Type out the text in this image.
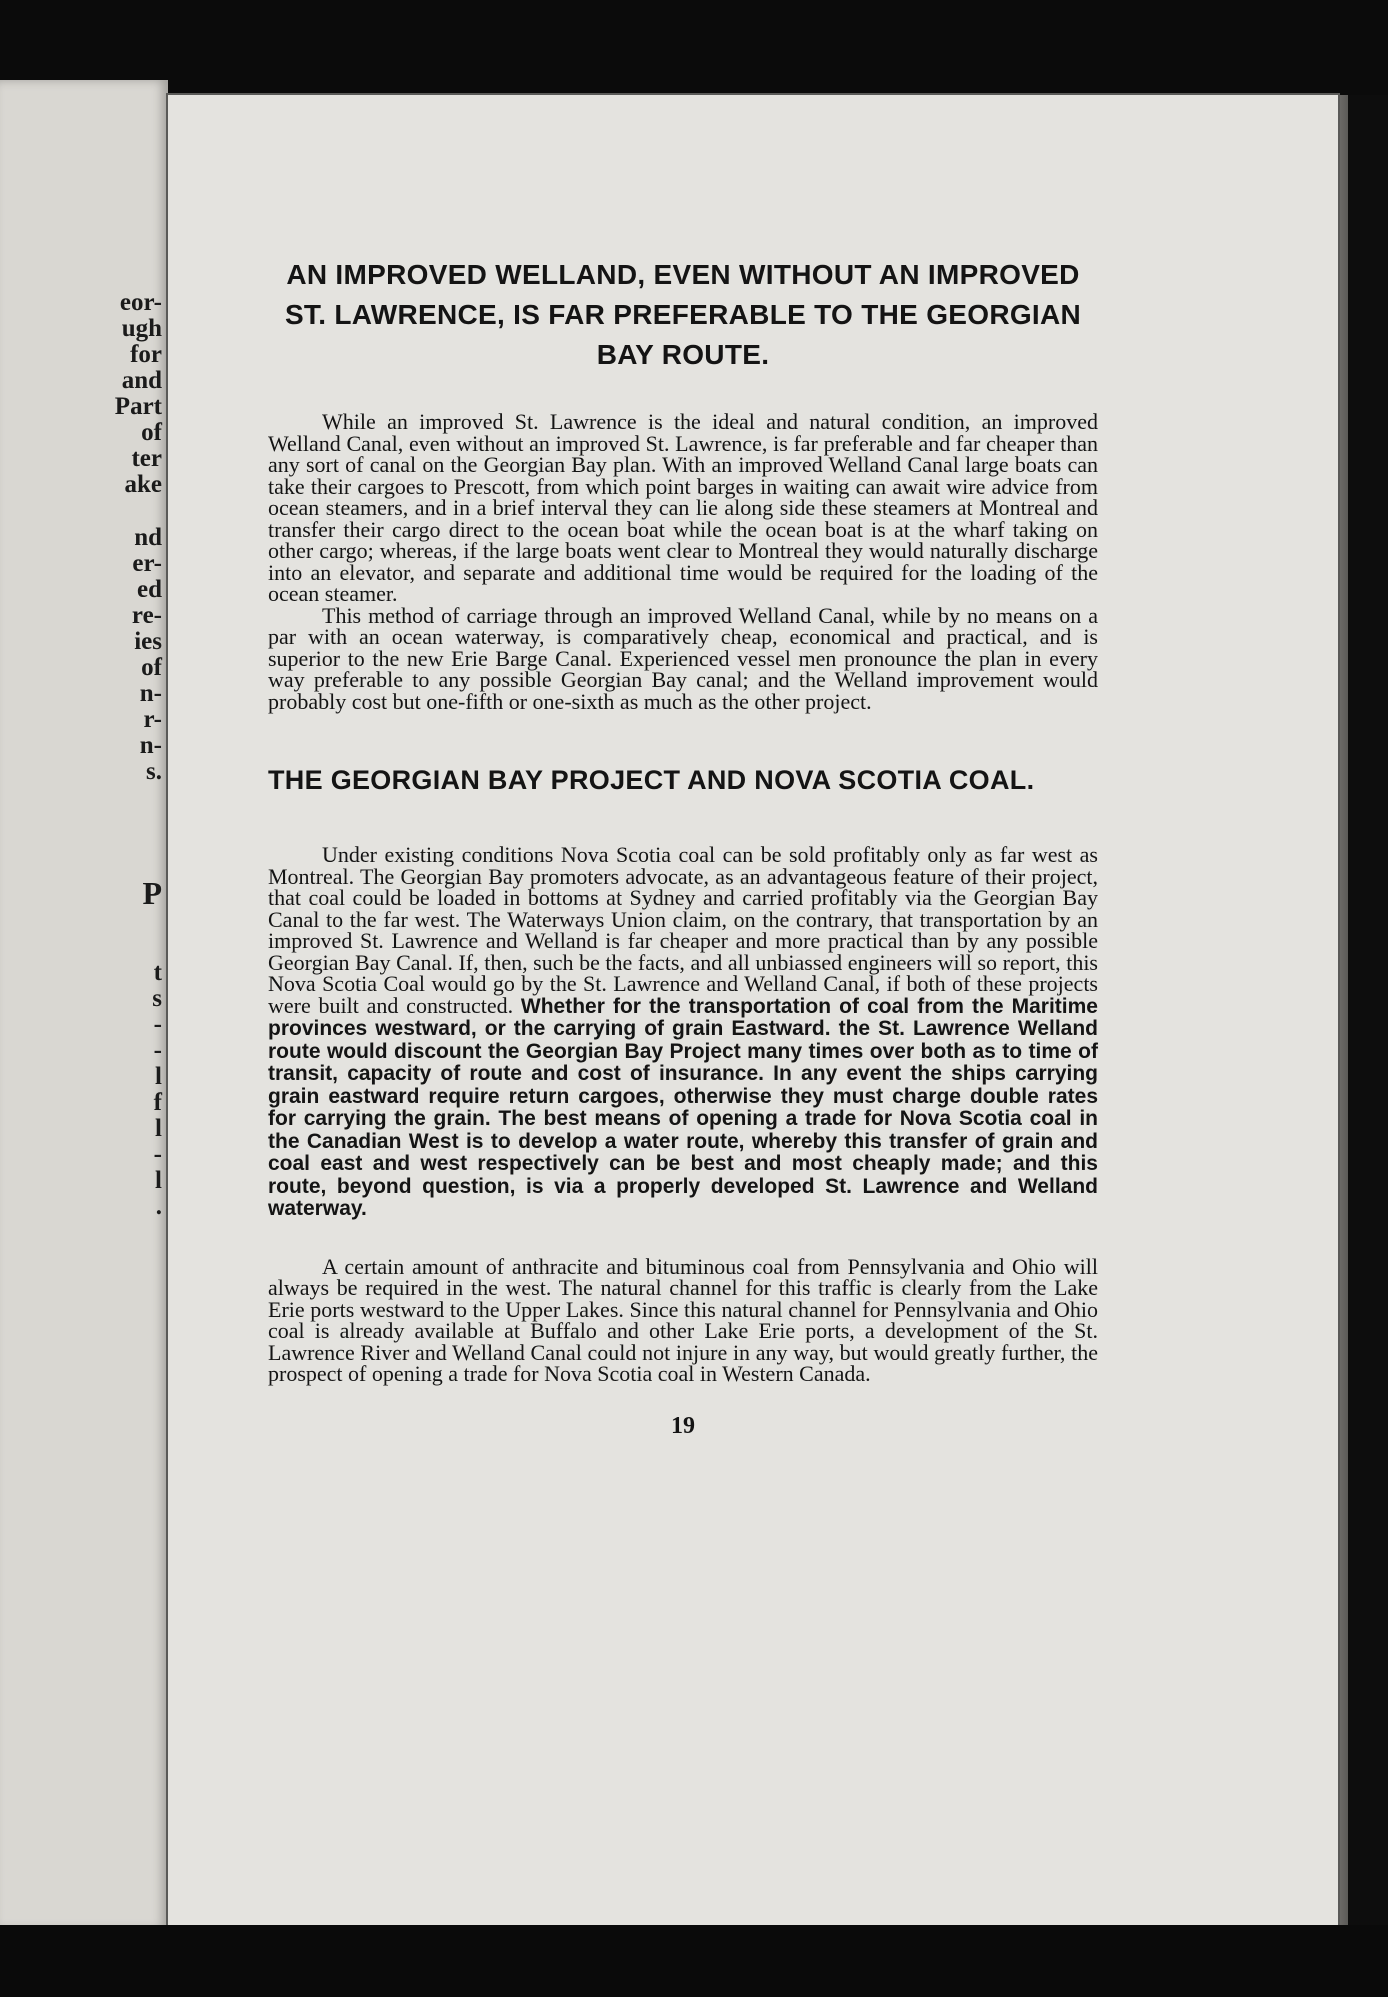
eor-
ugh
for
and
Part
of
ter
ake
nd
er-
ed
re-
ies
of
n-
r-
n-
s.
P
t
s
-
-
l
f
l
-
l
.
AN IMPROVED WELLAND, EVEN WITHOUT AN IMPROVED ST. LAWRENCE, IS FAR PREFERABLE TO THE GEORGIAN BAY ROUTE.

While an improved St. Lawrence is the ideal and natural condition, an improved Welland Canal, even without an improved St. Lawrence, is far preferable and far cheaper than any sort of canal on the Georgian Bay plan. With an improved Welland Canal large boats can take their cargoes to Prescott, from which point barges in waiting can await wire advice from ocean steamers, and in a brief interval they can lie along side these steamers at Montreal and transfer their cargo direct to the ocean boat while the ocean boat is at the wharf taking on other cargo; whereas, if the large boats went clear to Montreal they would naturally discharge into an elevator, and separate and additional time would be required for the loading of the ocean steamer.

This method of carriage through an improved Welland Canal, while by no means on a par with an ocean waterway, is comparatively cheap, economical and practical, and is superior to the new Erie Barge Canal. Experienced vessel men pronounce the plan in every way preferable to any possible Georgian Bay canal; and the Welland improvement would probably cost but one-fifth or one-sixth as much as the other project.

THE GEORGIAN BAY PROJECT AND NOVA SCOTIA COAL.

Under existing conditions Nova Scotia coal can be sold profitably only as far west as Montreal. The Georgian Bay promoters advocate, as an advantageous feature of their project, that coal could be loaded in bottoms at Sydney and carried profitably via the Georgian Bay Canal to the far west. The Waterways Union claim, on the contrary, that transportation by an improved St. Lawrence and Welland is far cheaper and more practical than by any possible Georgian Bay Canal. If, then, such be the facts, and all unbiassed engineers will so report, this Nova Scotia Coal would go by the St. Lawrence and Welland Canal, if both of these projects were built and constructed. Whether for the transportation of coal from the Maritime provinces westward, or the carrying of grain Eastward. the St. Lawrence Welland route would discount the Georgian Bay Project many times over both as to time of transit, capacity of route and cost of insurance. In any event the ships carrying grain eastward require return cargoes, otherwise they must charge double rates for carrying the grain. The best means of opening a trade for Nova Scotia coal in the Canadian West is to develop a water route, whereby this transfer of grain and coal east and west respectively can be best and most cheaply made; and this route, beyond question, is via a properly developed St. Lawrence and Welland waterway.

A certain amount of anthracite and bituminous coal from Pennsylvania and Ohio will always be required in the west. The natural channel for this traffic is clearly from the Lake Erie ports westward to the Upper Lakes. Since this natural channel for Pennsylvania and Ohio coal is already available at Buffalo and other Lake Erie ports, a development of the St. Lawrence River and Welland Canal could not injure in any way, but would greatly further, the prospect of opening a trade for Nova Scotia coal in Western Canada.

19
